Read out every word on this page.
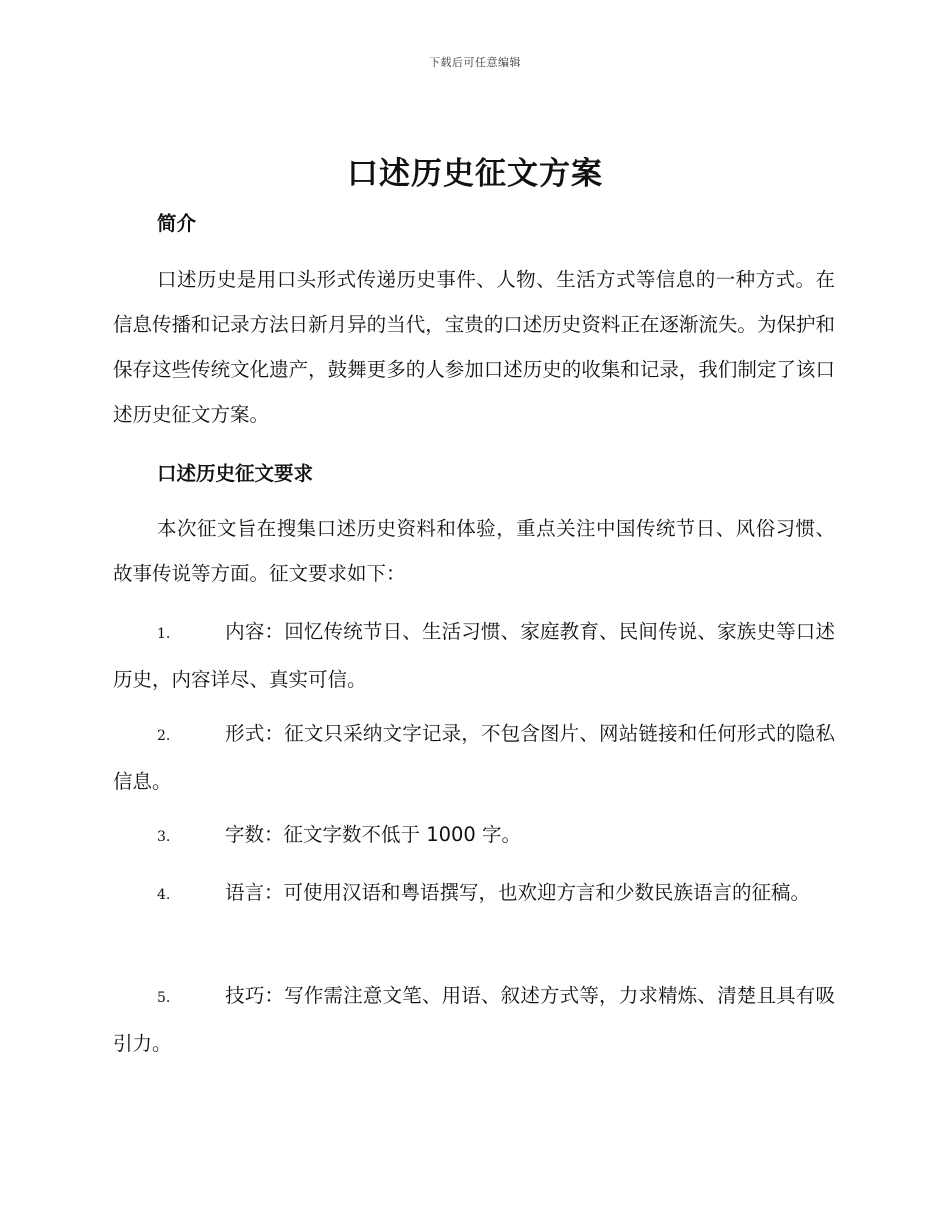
下载后可任意编辑
口述历史征文方案
简介

口述历史是用口头形式传递历史事件、人物、生活方式等信息的一种方式。在信息传播和记录方法日新月异的当代，宝贵的口述历史资料正在逐渐流失。为保护和保存这些传统文化遗产，鼓舞更多的人参加口述历史的收集和记录，我们制定了该口述历史征文方案。

口述历史征文要求

本次征文旨在搜集口述历史资料和体验，重点关注中国传统节日、风俗习惯、故事传说等方面。征文要求如下：

1.	内容：回忆传统节日、生活习惯、家庭教育、民间传说、家族史等口述历史，内容详尽、真实可信。
2.	形式：征文只采纳文字记录，不包含图片、网站链接和任何形式的隐私信息。
3.	字数：征文字数不低于 1000 字。
4.	语言：可使用汉语和粤语撰写，也欢迎方言和少数民族语言的征稿。
5.	技巧：写作需注意文笔、用语、叙述方式等，力求精炼、清楚且具有吸引力。
